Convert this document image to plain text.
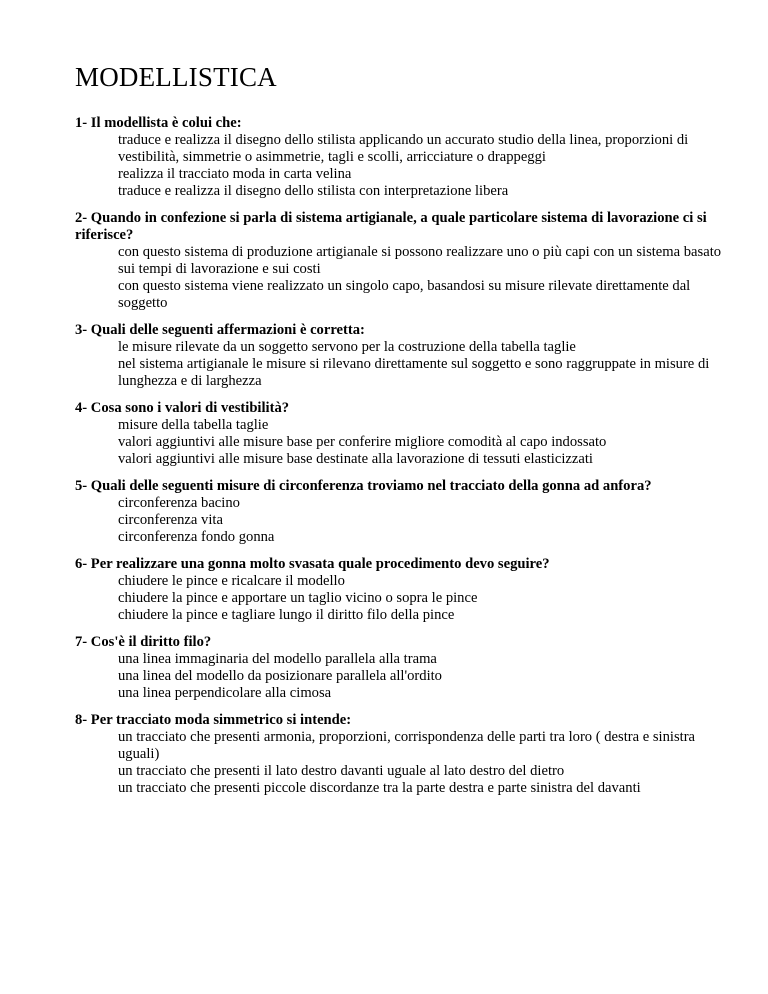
MODELLISTICA

1- Il modellista è colui che:

traduce e realizza il disegno dello stilista applicando un accurato studio della linea, proporzioni di vestibilità, simmetrie o asimmetrie, tagli e scolli, arricciature o drappeggi
realizza il tracciato moda in carta velina
traduce e realizza il disegno dello stilista con interpretazione libera

2- Quando in confezione si parla di sistema artigianale, a quale particolare sistema di lavorazione ci si riferisce?

con questo sistema di produzione artigianale si possono realizzare uno o più capi con un sistema basato sui tempi di lavorazione e sui costi
con questo sistema viene realizzato un singolo capo, basandosi su misure rilevate direttamente dal soggetto

3- Quali delle seguenti affermazioni è corretta:

le misure rilevate da un soggetto servono per la costruzione della tabella taglie
nel sistema artigianale le misure si rilevano direttamente sul soggetto e sono raggruppate in misure di lunghezza e di larghezza

4- Cosa sono i valori di vestibilità?

misure della tabella taglie
valori aggiuntivi alle misure base per conferire migliore comodità al capo indossato
valori aggiuntivi alle misure base destinate alla lavorazione di tessuti elasticizzati

5- Quali delle seguenti misure di circonferenza troviamo nel tracciato della gonna ad anfora?

circonferenza bacino
circonferenza vita
circonferenza fondo gonna

6- Per realizzare una gonna molto svasata quale procedimento devo seguire?

chiudere le pince e ricalcare il modello
chiudere la pince e apportare un taglio vicino o sopra le pince
chiudere la pince e tagliare lungo il diritto filo della pince

7- Cos'è il diritto filo?

una linea immaginaria del modello parallela alla trama
una linea del modello da posizionare parallela all'ordito
una linea perpendicolare alla cimosa

8- Per tracciato moda simmetrico si intende:

un tracciato che presenti armonia, proporzioni, corrispondenza delle parti tra loro ( destra e sinistra uguali)
un tracciato che presenti il lato destro davanti uguale al lato destro del dietro
un tracciato che presenti piccole discordanze tra la parte destra e parte sinistra del davanti
